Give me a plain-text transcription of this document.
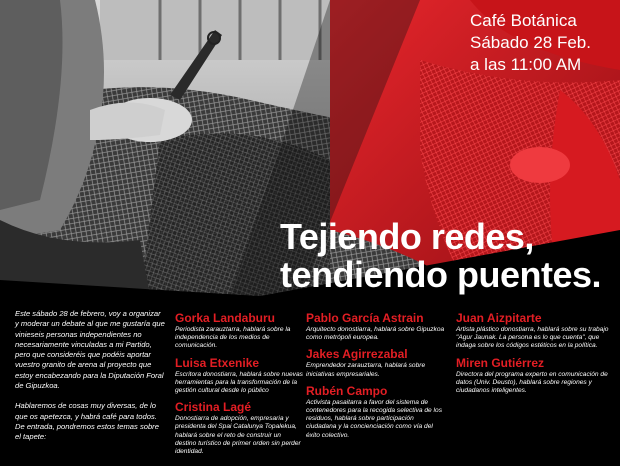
Café Botánica
Sábado 28 Feb.
a las 11:00 AM
Tejiendo redes,
tendiendo puentes.

Este sábado 28 de febrero, voy a organizar y moderar un debate al que me gustaría que vinieseis personas independientes no necesariamente vinculadas a mi Partido, pero que consideréis que podéis aportar vuestro granito de arena al proyecto que estoy encabezando para la Diputación Foral de Gipuzkoa.

Hablaremos de cosas muy diversas, de lo que os apetezca, y habrá café para todos. De entrada, pondremos estos temas sobre el tapete:

Gorka Landaburu
Periodista zarauztarra, hablará sobre la independencia de los medios de comunicación.
Luisa Etxenike
Escritora donostiarra, hablará sobre nuevas herramientas para la transformación de la gestión cultural desde lo público
Cristina Lagé
Donostiarra de adopción, empresaria y presidenta del Spai Catalunya Topalekua, hablará sobre el reto de construir un destino turístico de primer orden sin perder identidad.
Pablo García Astrain
Arquitecto donostiarra, hablará sobre Gipuzkoa como metrópoli europea.
Jakes Agirrezabal
Emprendedor zarauztarra, hablará sobre iniciativas empresariales.
Rubén Campo
Activista pasaitarra a favor del sistema de contenedores para la recogida selectiva de los residuos, hablará sobre participación ciudadana y la concienciación como vía del éxito colectivo.
Juan Aizpitarte
Artista plástico donostiarra, hablará sobre su trabajo "Agur Jaunak. La persona es lo que cuenta", que indaga sobre los códigos estéticos en la política.
Miren Gutiérrez
Directora del programa experto en comunicación de datos (Univ. Deusto), hablará sobre regiones y ciudadanos inteligentes.
